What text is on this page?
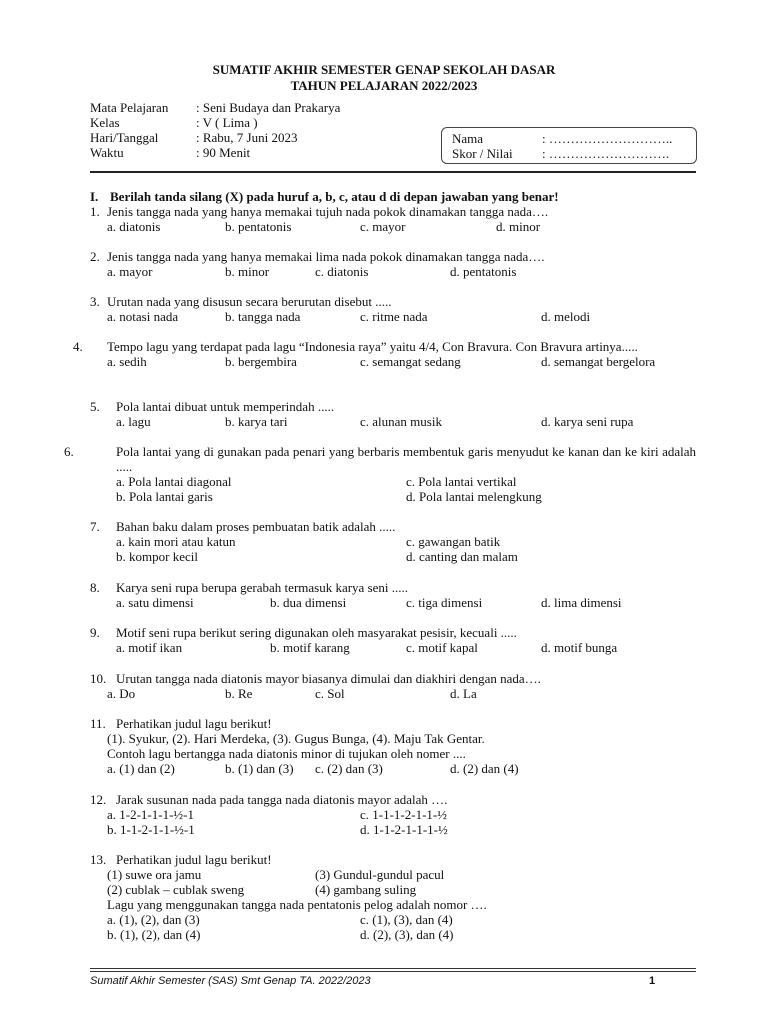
SUMATIF AKHIR SEMESTER GENAP SEKOLAH DASAR
TAHUN PELAJARAN 2022/2023
Mata Pelajaran : Seni Budaya dan Prakarya
Kelas	: V ( Lima )
Hari/Tanggal	: Rabu, 7 Juni 2023
Waktu	: 90 Menit
Nama	: ………………………..
Skor / Nilai : ……………………….
I. Berilah tanda silang (X) pada huruf a, b, c, atau d di depan jawaban yang benar!
1. Jenis tangga nada yang hanya memakai tujuh nada pokok dinamakan tangga nada….
a. diatonis	b. pentatonis	c. mayor	d. minor
2. Jenis tangga nada yang hanya memakai lima nada pokok dinamakan tangga nada….
a. mayor	b. minor	c. diatonis	d. pentatonis
3. Urutan nada yang disusun secara berurutan disebut .....
a. notasi nada	b. tangga nada	c. ritme nada	d. melodi
4. Tempo lagu yang terdapat pada lagu “Indonesia raya” yaitu 4/4, Con Bravura. Con Bravura artinya.....
a. sedih	b. bergembira	c. semangat sedang	d. semangat bergelora
5. Pola lantai dibuat untuk memperindah .....
a. lagu	b. karya tari	c. alunan musik	d. karya seni rupa
6.	Pola lantai yang di gunakan pada penari yang berbaris membentuk garis menyudut ke kanan dan ke kiri adalah .....
a. Pola lantai diagonal	c. Pola lantai vertikal
b. Pola lantai garis	d. Pola lantai melengkung
7. Bahan baku dalam proses pembuatan batik adalah .....
a. kain mori atau katun	c. gawangan batik
b. kompor kecil	d. canting dan malam
8. Karya seni rupa berupa gerabah termasuk karya seni .....
a. satu dimensi	b. dua dimensi	c. tiga dimensi	d. lima dimensi
9. Motif seni rupa berikut sering digunakan oleh masyarakat pesisir, kecuali .....
a. motif ikan	b. motif karang	c. motif kapal	d. motif bunga
10. Urutan tangga nada diatonis mayor biasanya dimulai dan diakhiri dengan nada….
a. Do	b. Re	c. Sol	d. La
11. Perhatikan judul lagu berikut!
(1). Syukur, (2). Hari Merdeka, (3). Gugus Bunga, (4). Maju Tak Gentar.
Contoh lagu bertangga nada diatonis minor di tujukan oleh nomer ....
a. (1) dan (2)	b. (1) dan (3) c. (2) dan (3)	d. (2) dan (4)
12. Jarak susunan nada pada tangga nada diatonis mayor adalah ….
a. 1-2-1-1-1-½-1	c. 1-1-1-2-1-1-½
b. 1-1-2-1-1-½-1	d. 1-1-2-1-1-1-½
13. Perhatikan judul lagu berikut!
(1) suwe ora jamu	(3) Gundul-gundul pacul
(2) cublak – cublak sweng	(4) gambang suling
Lagu yang menggunakan tangga nada pentatonis pelog adalah nomor ….
a. (1), (2), dan (3)	c. (1), (3), dan (4)
b. (1), (2), dan (4)	d. (2), (3), dan (4)
Sumatif Akhir Semester (SAS) Smt Genap TA. 2022/2023	1
